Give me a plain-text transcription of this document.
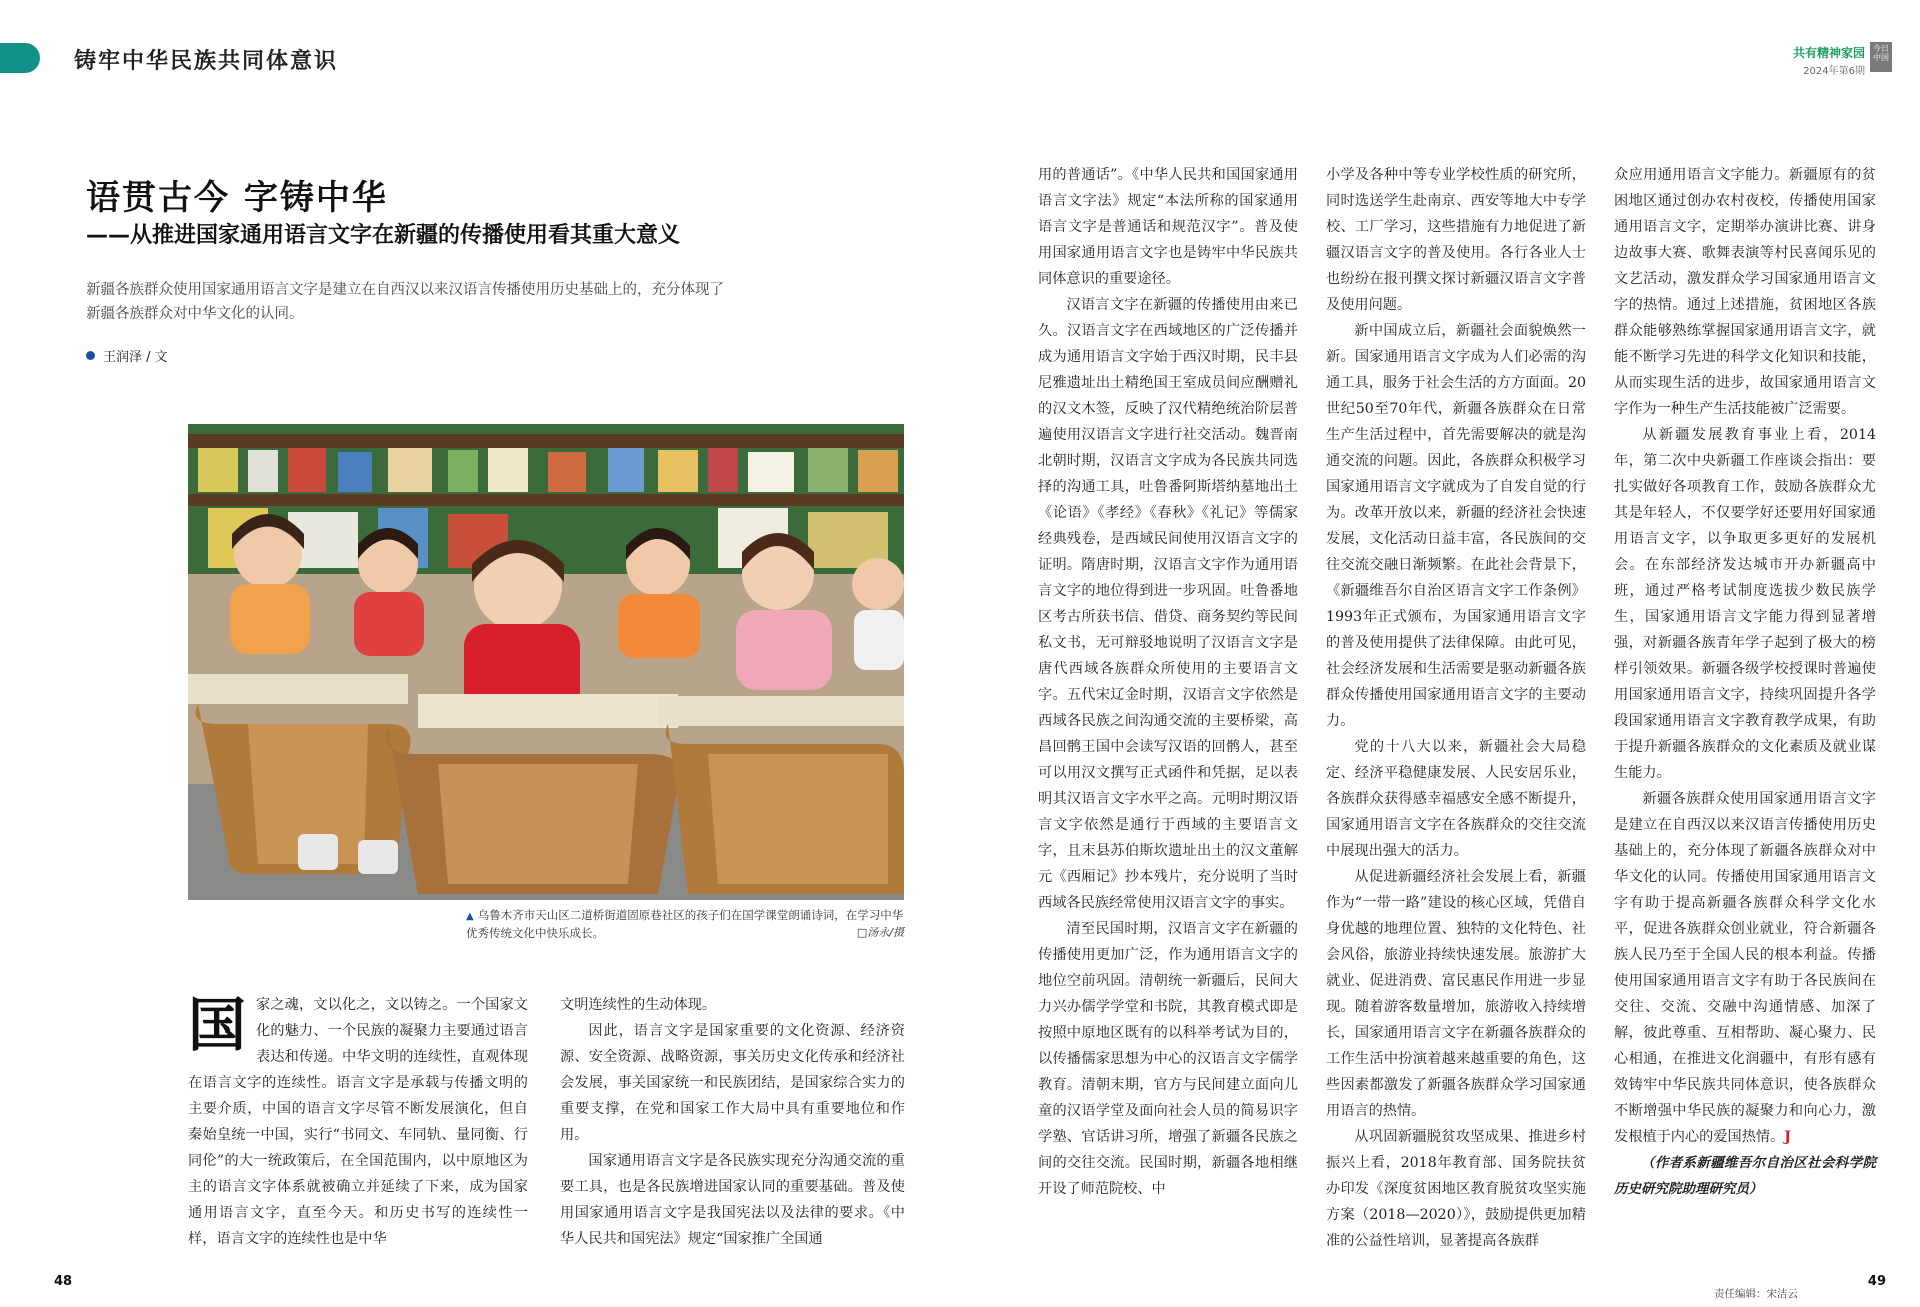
铸牢中华民族共同体意识	共有精神家园
2024年第6期
今日中国
语贯古今 字铸中华
——从推进国家通用语言文字在新疆的传播使用看其重大意义
新疆各族群众使用国家通用语言文字是建立在自西汉以来汉语言传播使用历史基础上的，充分体现了新疆各族群众对中华文化的认同。
王润泽 / 文
▲ 乌鲁木齐市天山区二道桥街道固原巷社区的孩子们在国学课堂朗诵诗词，在学习中华优秀传统文化中快乐成长。	□汤永/摄
国 家之魂，文以化之，文以铸之。一个国家文化的魅力、一个民族的凝聚力主要通过语言表达和传递。中华文明的连续性，直观体现在语言文字的连续性。语言文字是承载与传播文明的主要介质，中国的语言文字尽管不断发展演化，但自秦始皇统一中国，实行“书同文、车同轨、量同衡、行同伦”的大一统政策后，在全国范围内，以中原地区为主的语言文字体系就被确立并延续了下来，成为国家通用语言文字，直至今天。和历史书写的连续性一样，语言文字的连续性也是中华

文明连续性的生动体现。

因此，语言文字是国家重要的文化资源、经济资源、安全资源、战略资源，事关历史文化传承和经济社会发展，事关国家统一和民族团结，是国家综合实力的重要支撑，在党和国家工作大局中具有重要地位和作用。

国家通用语言文字是各民族实现充分沟通交流的重要工具，也是各民族增进国家认同的重要基础。普及使用国家通用语言文字是我国宪法以及法律的要求。《中华人民共和国宪法》规定“国家推广全国通

用的普通话”。《中华人民共和国国家通用语言文字法》规定“本法所称的国家通用语言文字是普通话和规范汉字”。普及使用国家通用语言文字也是铸牢中华民族共同体意识的重要途径。

汉语言文字在新疆的传播使用由来已久。汉语言文字在西域地区的广泛传播并成为通用语言文字始于西汉时期，民丰县尼雅遗址出土精绝国王室成员间应酬赠礼的汉文木签，反映了汉代精绝统治阶层普遍使用汉语言文字进行社交活动。魏晋南北朝时期，汉语言文字成为各民族共同选择的沟通工具，吐鲁番阿斯塔纳墓地出土《论语》《孝经》《春秋》《礼记》等儒家经典残卷，是西域民间使用汉语言文字的证明。隋唐时期，汉语言文字作为通用语言文字的地位得到进一步巩固。吐鲁番地区考古所获书信、借贷、商务契约等民间私文书，无可辩驳地说明了汉语言文字是唐代西域各族群众所使用的主要语言文字。五代宋辽金时期，汉语言文字依然是西域各民族之间沟通交流的主要桥梁，高昌回鹘王国中会读写汉语的回鹘人，甚至可以用汉文撰写正式函件和凭据，足以表明其汉语言文字水平之高。元明时期汉语言文字依然是通行于西域的主要语言文字，且末县苏伯斯坎遗址出土的汉文董解元《西厢记》抄本残片，充分说明了当时西域各民族经常使用汉语言文字的事实。

清至民国时期，汉语言文字在新疆的传播使用更加广泛，作为通用语言文字的地位空前巩固。清朝统一新疆后，民间大力兴办儒学学堂和书院，其教育模式即是按照中原地区既有的以科举考试为目的，以传播儒家思想为中心的汉语言文字儒学教育。清朝末期，官方与民间建立面向儿童的汉语学堂及面向社会人员的简易识字学塾、官话讲习所，增强了新疆各民族之间的交往交流。民国时期，新疆各地相继开设了师范院校、中

小学及各种中等专业学校性质的研究所，同时选送学生赴南京、西安等地大中专学校、工厂学习，这些措施有力地促进了新疆汉语言文字的普及使用。各行各业人士也纷纷在报刊撰文探讨新疆汉语言文字普及使用问题。

新中国成立后，新疆社会面貌焕然一新。国家通用语言文字成为人们必需的沟通工具，服务于社会生活的方方面面。20世纪50至70年代，新疆各族群众在日常生产生活过程中，首先需要解决的就是沟通交流的问题。因此，各族群众积极学习国家通用语言文字就成为了自发自觉的行为。改革开放以来，新疆的经济社会快速发展，文化活动日益丰富，各民族间的交往交流交融日渐频繁。在此社会背景下，《新疆维吾尔自治区语言文字工作条例》1993年正式颁布，为国家通用语言文字的普及使用提供了法律保障。由此可见，社会经济发展和生活需要是驱动新疆各族群众传播使用国家通用语言文字的主要动力。

党的十八大以来，新疆社会大局稳定、经济平稳健康发展、人民安居乐业，各族群众获得感幸福感安全感不断提升，国家通用语言文字在各族群众的交往交流中展现出强大的活力。

从促进新疆经济社会发展上看，新疆作为“一带一路”建设的核心区域，凭借自身优越的地理位置、独特的文化特色、社会风俗，旅游业持续快速发展。旅游扩大就业、促进消费、富民惠民作用进一步显现。随着游客数量增加，旅游收入持续增长，国家通用语言文字在新疆各族群众的工作生活中扮演着越来越重要的角色，这些因素都激发了新疆各族群众学习国家通用语言的热情。

从巩固新疆脱贫攻坚成果、推进乡村振兴上看，2018年教育部、国务院扶贫办印发《深度贫困地区教育脱贫攻坚实施方案（2018—2020）》，鼓励提供更加精准的公益性培训，显著提高各族群

众应用通用语言文字能力。新疆原有的贫困地区通过创办农村夜校，传播使用国家通用语言文字，定期举办演讲比赛、讲身边故事大赛、歌舞表演等村民喜闻乐见的文艺活动，激发群众学习国家通用语言文字的热情。通过上述措施，贫困地区各族群众能够熟练掌握国家通用语言文字，就能不断学习先进的科学文化知识和技能，从而实现生活的进步，故国家通用语言文字作为一种生产生活技能被广泛需要。

从新疆发展教育事业上看，2014年，第二次中央新疆工作座谈会指出：要扎实做好各项教育工作，鼓励各族群众尤其是年轻人，不仅要学好还要用好国家通用语言文字，以争取更多更好的发展机会。在东部经济发达城市开办新疆高中班，通过严格考试制度选拔少数民族学生，国家通用语言文字能力得到显著增强，对新疆各族青年学子起到了极大的榜样引领效果。新疆各级学校授课时普遍使用国家通用语言文字，持续巩固提升各学段国家通用语言文字教育教学成果，有助于提升新疆各族群众的文化素质及就业谋生能力。

新疆各族群众使用国家通用语言文字是建立在自西汉以来汉语言传播使用历史基础上的，充分体现了新疆各族群众对中华文化的认同。传播使用国家通用语言文字有助于提高新疆各族群众科学文化水平，促进各族群众创业就业，符合新疆各族人民乃至于全国人民的根本利益。传播使用国家通用语言文字有助于各民族间在交往、交流、交融中沟通情感、加深了解，彼此尊重、互相帮助、凝心聚力、民心相通，在推进文化润疆中，有形有感有效铸牢中华民族共同体意识，使各族群众不断增强中华民族的凝聚力和向心力，激发根植于内心的爱国热情。J

（作者系新疆维吾尔自治区社会科学院历史研究院助理研究员）

48	49
责任编辑：宋洁云
